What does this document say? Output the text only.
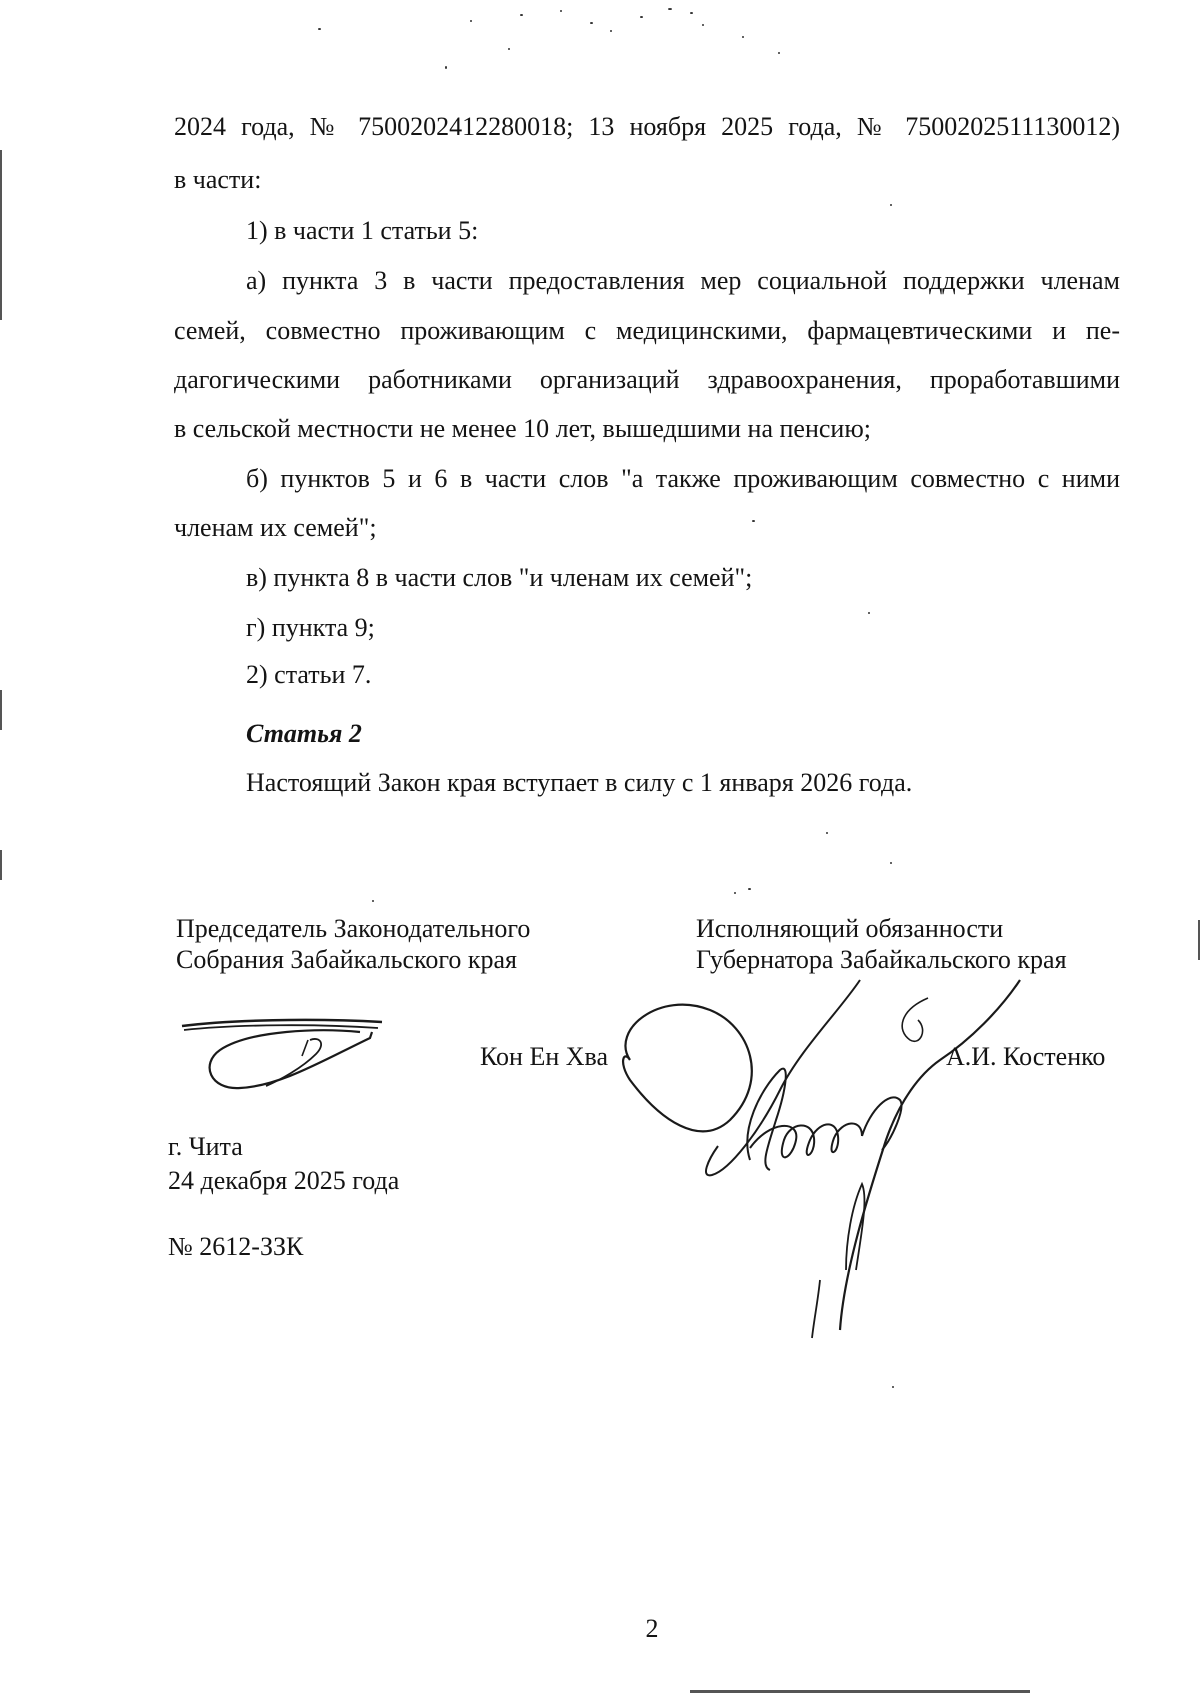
2024 года, № 7500202412280018; 13 ноября 2025 года, № 7500202511130012)

в части:

1) в части 1 статьи 5:

а) пункта 3 в части предоставления мер социальной поддержки членам

семей, совместно проживающим с медицинскими, фармацевтическими и пе-

дагогическими работниками организаций здравоохранения, проработавшими

в сельской местности не менее 10 лет, вышедшими на пенсию;

б) пунктов 5 и 6 в части слов "а также проживающим совместно с ними

членам их семей";

в) пункта 8 в части слов "и членам их семей";

г) пункта 9;

2) статьи 7.

Статья 2

Настоящий Закон края вступает в силу с 1 января 2026 года.

Председатель Законодательного

Собрания Забайкальского края

Исполняющий обязанности

Губернатора Забайкальского края

Кон Ен Хва	А.И. Костенко

г. Чита

24 декабря 2025 года

№ 2612-ЗЗК

2
